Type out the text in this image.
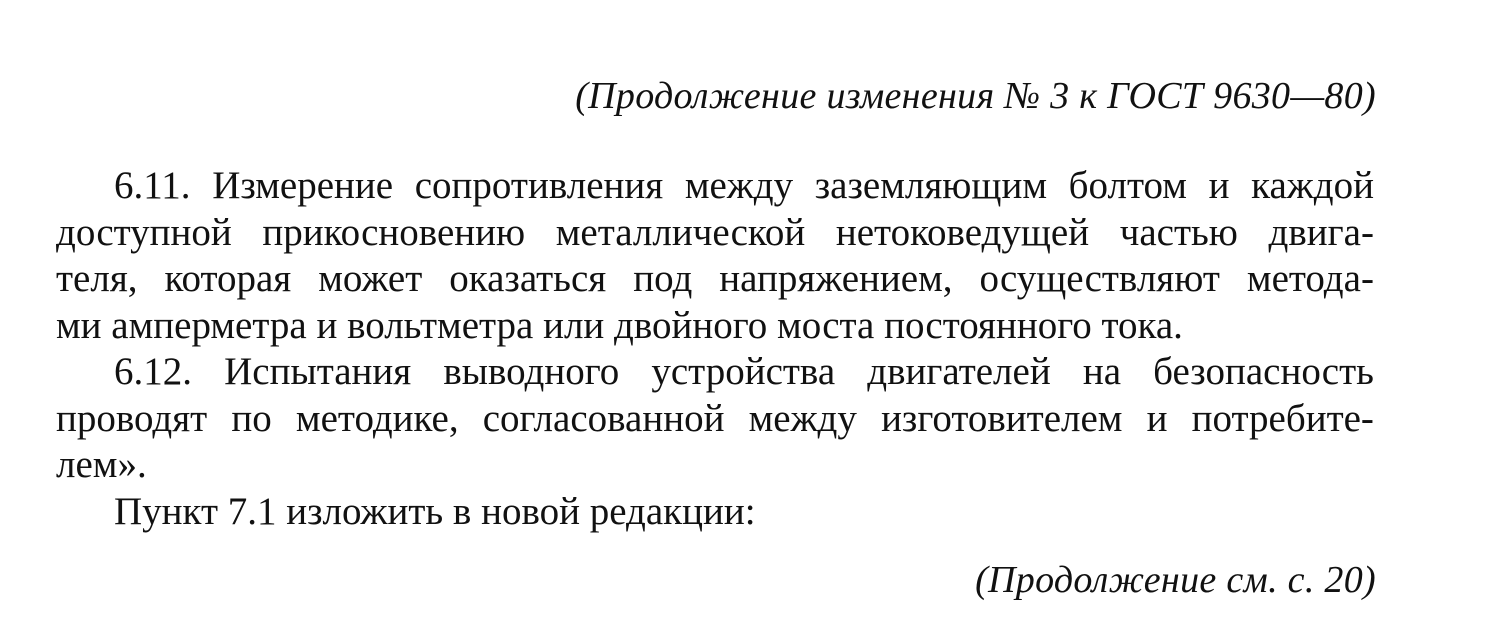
(Продолжение изменения № 3 к ГОСТ 9630—80)
6.11. Измерение сопротивления между заземляющим болтом и каждой
доступной прикосновению металлической нетоковедущей частью двига-
теля, которая может оказаться под напряжением, осуществляют метода-
ми амперметра и вольтметра или двойного моста постоянного тока.
6.12. Испытания выводного устройства двигателей на безопасность
проводят по методике, согласованной между изготовителем и потребите-
лем».
Пункт 7.1 изложить в новой редакции:
(Продолжение см. с. 20)
